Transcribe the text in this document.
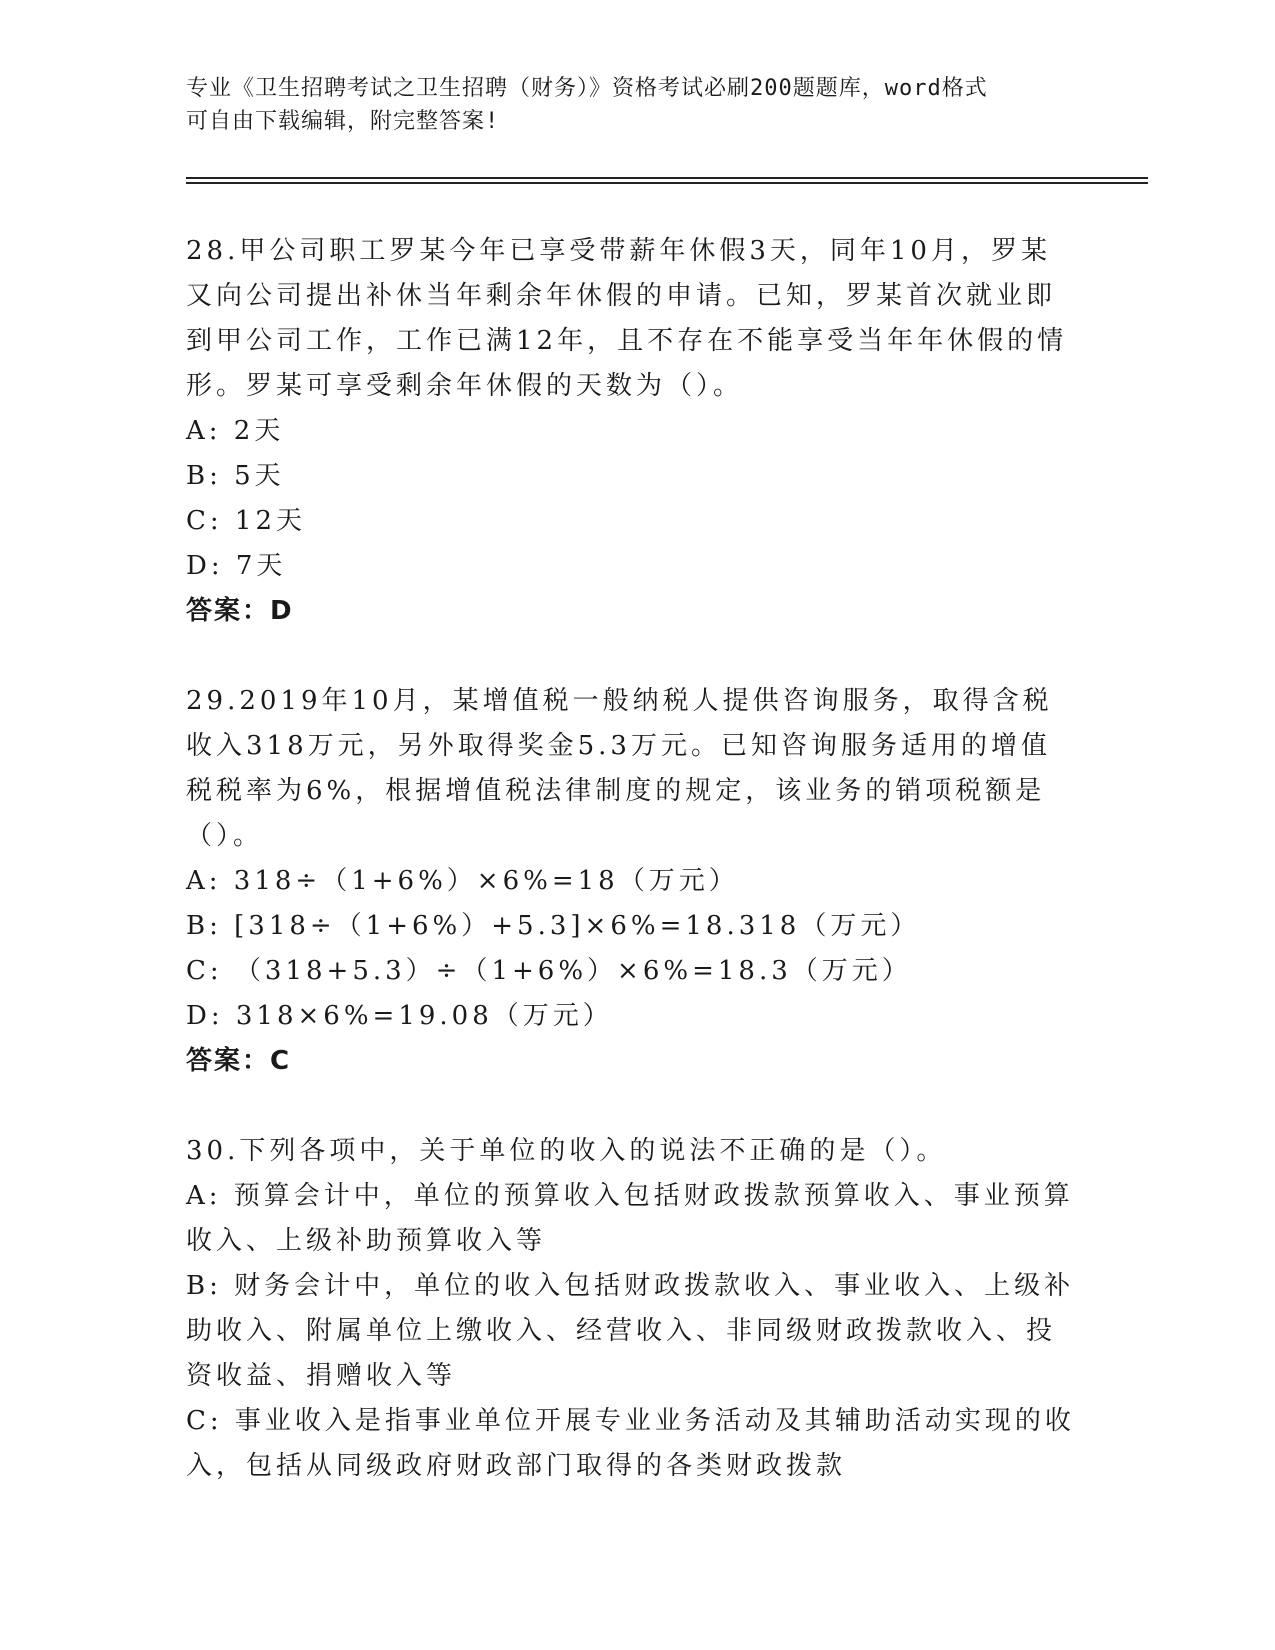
专业《卫生招聘考试之卫生招聘（财务）》资格考试必刷200题题库，word格式
可自由下载编辑，附完整答案!

28.甲公司职工罗某今年已享受带薪年休假3天，同年10月，罗某又向公司提出补休当年剩余年休假的申请。已知，罗某首次就业即到甲公司工作，工作已满12年，且不存在不能享受当年年休假的情形。罗某可享受剩余年休假的天数为（）。

A: 2天

B: 5天

C: 12天

D: 7天

答案：D

29.2019年10月，某增值税一般纳税人提供咨询服务，取得含税收入318万元，另外取得奖金5.3万元。已知咨询服务适用的增值税税率为6%，根据增值税法律制度的规定，该业务的销项税额是（）。

A: 318÷（1+6%）×6%=18（万元）

B: [318÷（1+6%）+5.3]×6%=18.318（万元）

C: （318+5.3）÷（1+6%）×6%=18.3（万元）

D: 318×6%=19.08（万元）

答案：C

30.下列各项中，关于单位的收入的说法不正确的是（）。

A: 预算会计中，单位的预算收入包括财政拨款预算收入、事业预算收入、上级补助预算收入等

B: 财务会计中，单位的收入包括财政拨款收入、事业收入、上级补助收入、附属单位上缴收入、经营收入、非同级财政拨款收入、投资收益、捐赠收入等

C: 事业收入是指事业单位开展专业业务活动及其辅助活动实现的收入，包括从同级政府财政部门取得的各类财政拨款
